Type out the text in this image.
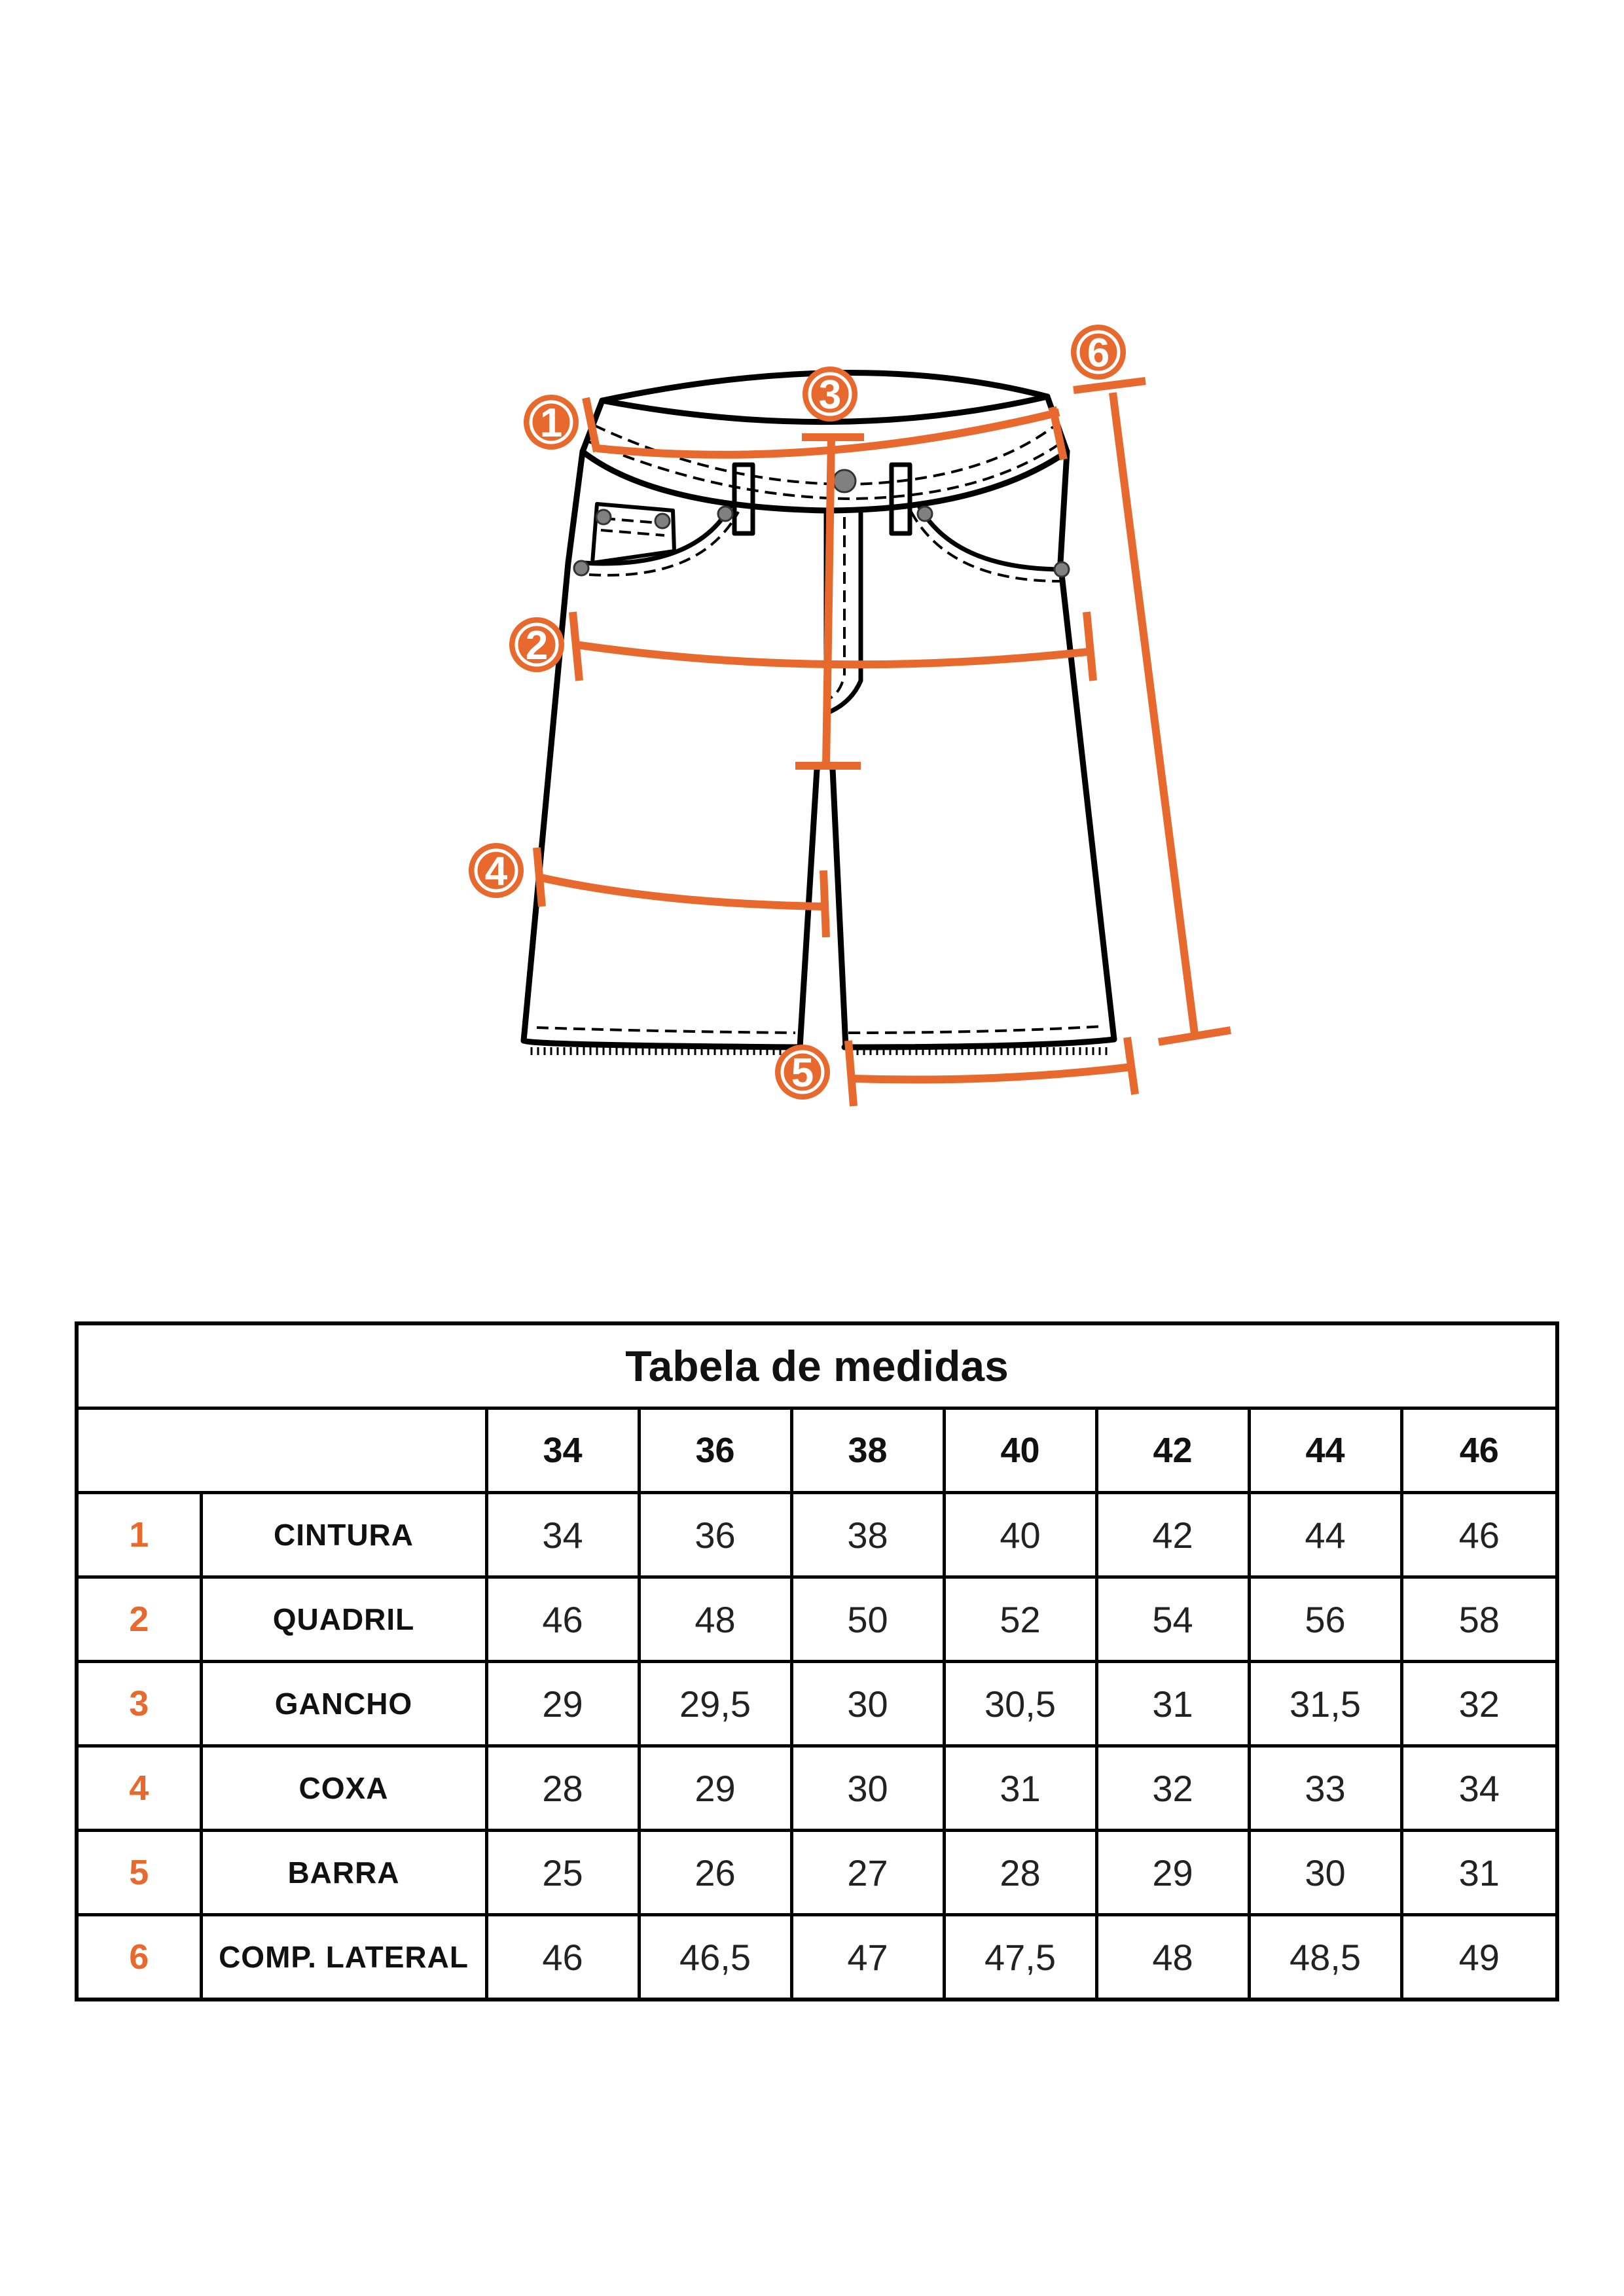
1
2
3
4
5
6
Tabela de medidas								
		34	36	38	40	42	44	46
1	CINTURA	34	36	38	40	42	44	46
2	QUADRIL	46	48	50	52	54	56	58
3	GANCHO	29	29,5	30	30,5	31	31,5	32
4	COXA	28	29	30	31	32	33	34
5	BARRA	25	26	27	28	29	30	31
6	COMP. LATERAL	46	46,5	47	47,5	48	48,5	49
